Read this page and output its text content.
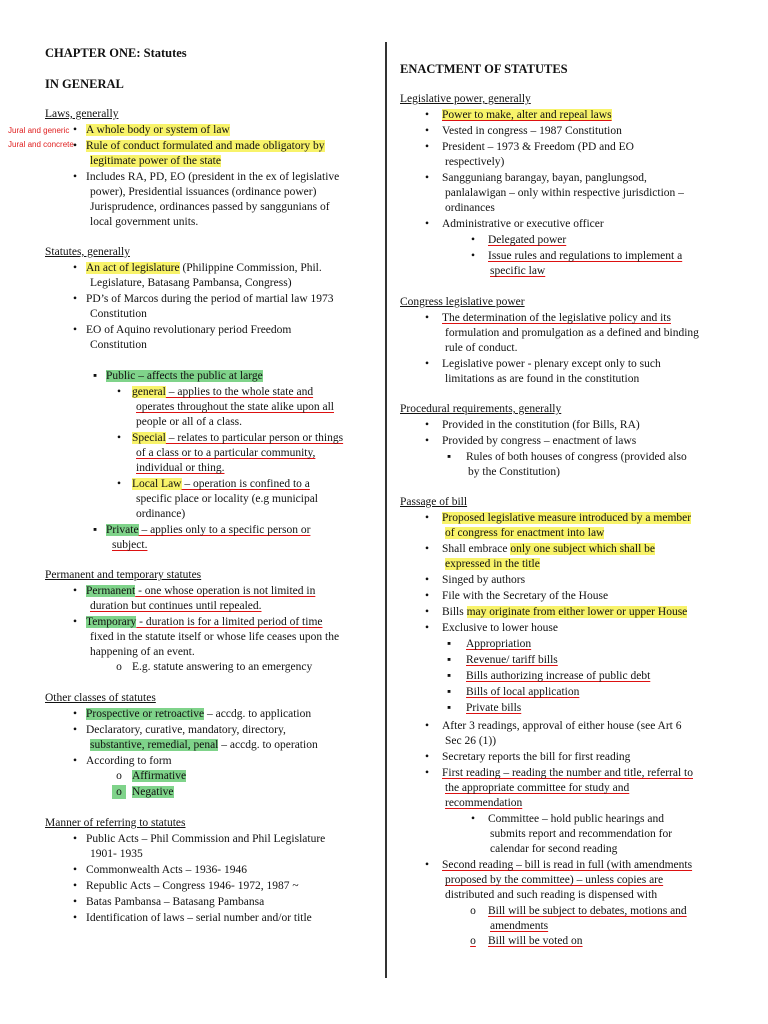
CHAPTER ONE: Statutes
IN GENERAL
Laws, generally
Jural and generic
Jural and concrete
• A whole body or system of law
• Rule of conduct formulated and made obligatory by
legitimate power of the state
• Includes RA, PD, EO (president in the ex of legislative
power), Presidential issuances (ordinance power)
Jurisprudence, ordinances passed by sanggunians of
local government units.
Statutes, generally
• An act of legislature (Philippine Commission, Phil.
Legislature, Batasang Pambansa, Congress)
• PD’s of Marcos during the period of martial law 1973
Constitution
• EO of Aquino revolutionary period Freedom
Constitution
▪ Public – affects the public at large
• general – applies to the whole state and
operates throughout the state alike upon all
people or all of a class.
• Special – relates to particular person or things
of a class or to a particular community,
individual or thing.
• Local Law – operation is confined to a
specific place or locality (e.g municipal
ordinance)
▪ Private – applies only to a specific person or
subject.
Permanent and temporary statutes
• Permanent - one whose operation is not limited in
duration but continues until repealed.
• Temporary - duration is for a limited period of time
fixed in the statute itself or whose life ceases upon the
happening of an event.
o E.g. statute answering to an emergency
Other classes of statutes
• Prospective or retroactive – accdg. to application
• Declaratory, curative, mandatory, directory,
substantive, remedial, penal – accdg. to operation
• According to form
o Affirmative
o Negative
Manner of referring to statutes
• Public Acts – Phil Commission and Phil Legislature
1901- 1935
• Commonwealth Acts – 1936- 1946
• Republic Acts – Congress 1946- 1972, 1987 ~
• Batas Pambansa – Batasang Pambansa
• Identification of laws – serial number and/or title
ENACTMENT OF STATUTES
Legislative power, generally
• Power to make, alter and repeal laws
• Vested in congress – 1987 Constitution
• President – 1973 & Freedom (PD and EO
respectively)
• Sangguniang barangay, bayan, panglungsod,
panlalawigan – only within respective jurisdiction –
ordinances
• Administrative or executive officer
• Delegated power
• Issue rules and regulations to implement a
specific law
Congress legislative power
• The determination of the legislative policy and its
formulation and promulgation as a defined and binding
rule of conduct.
• Legislative power - plenary except only to such
limitations as are found in the constitution
Procedural requirements, generally
• Provided in the constitution (for Bills, RA)
• Provided by congress – enactment of laws
▪ Rules of both houses of congress (provided also
by the Constitution)
Passage of bill
• Proposed legislative measure introduced by a member
of congress for enactment into law
• Shall embrace only one subject which shall be
expressed in the title
• Singed by authors
• File with the Secretary of the House
• Bills may originate from either lower or upper House
• Exclusive to lower house
▪ Appropriation
▪ Revenue/ tariff bills
▪ Bills authorizing increase of public debt
▪ Bills of local application
▪ Private bills
• After 3 readings, approval of either house (see Art 6
Sec 26 (1))
• Secretary reports the bill for first reading
• First reading – reading the number and title, referral to
the appropriate committee for study and
recommendation
• Committee – hold public hearings and
submits report and recommendation for
calendar for second reading
• Second reading – bill is read in full (with amendments
proposed by the committee) – unless copies are
distributed and such reading is dispensed with
o Bill will be subject to debates, motions and
amendments
o Bill will be voted on
